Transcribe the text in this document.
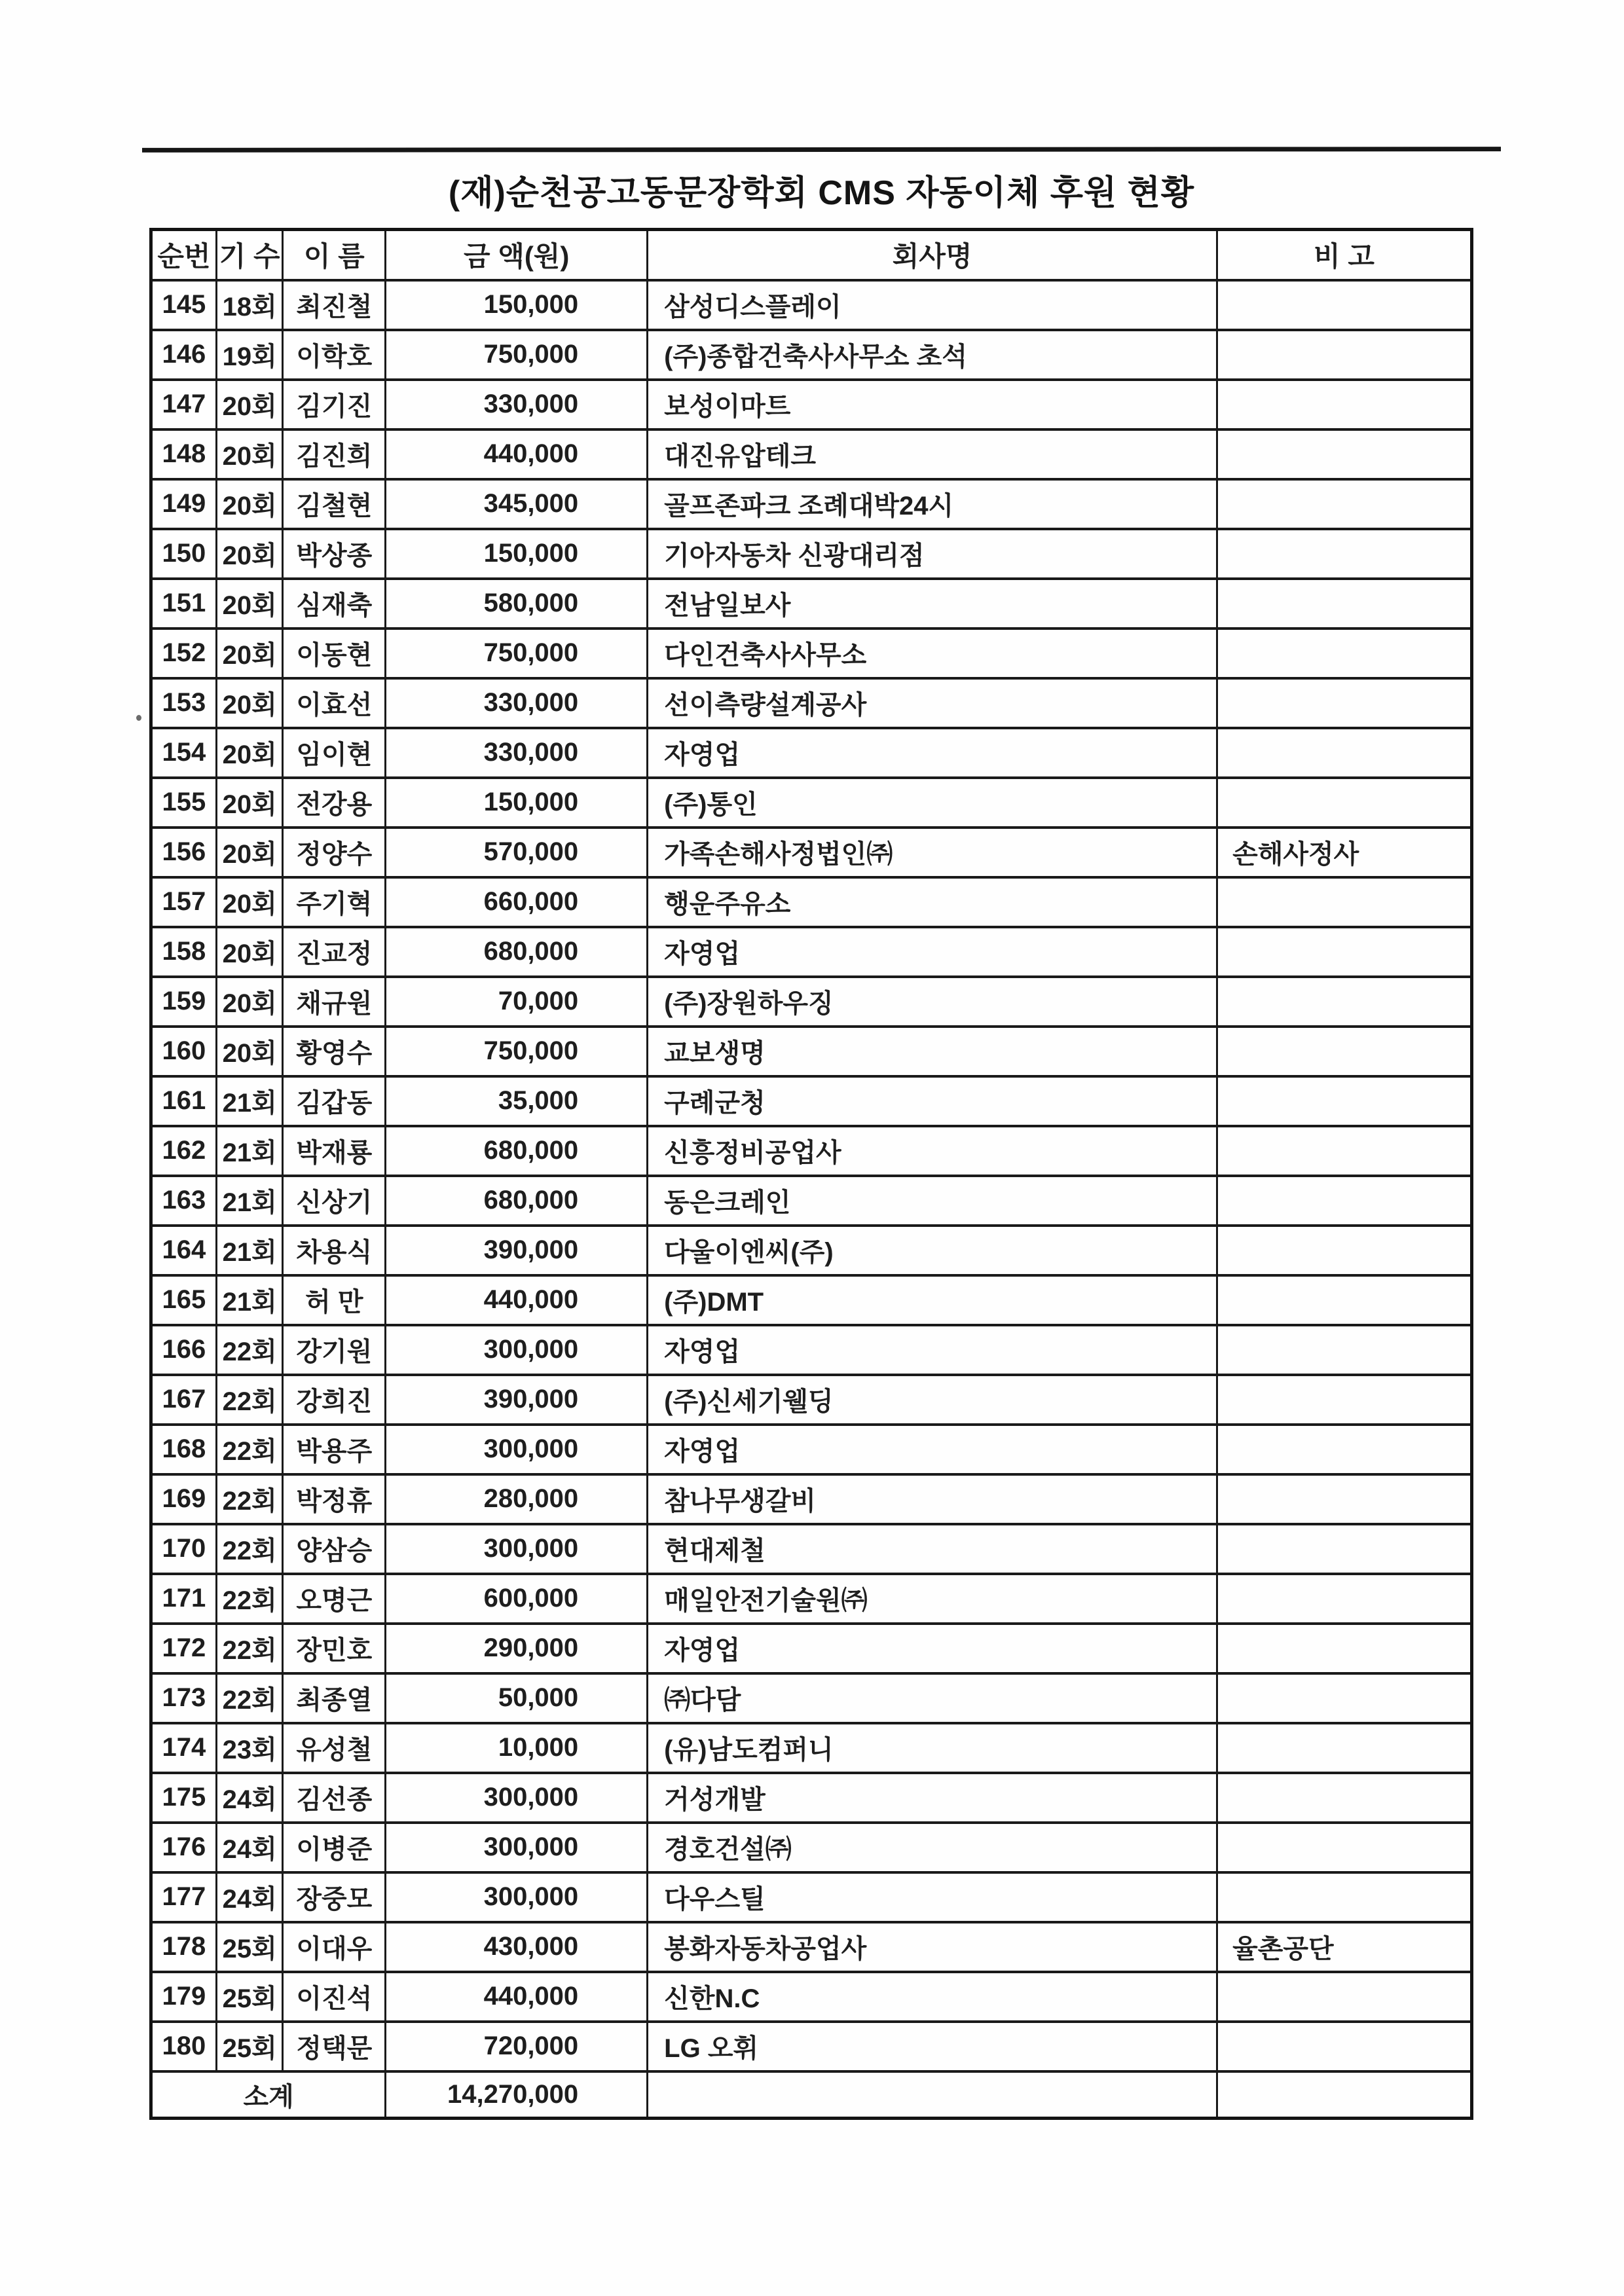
(재)순천공고동문장학회 CMS 자동이체 후원 현황
순번	기 수	이 름	금 액(원)	회사명	비 고
145	18회	최진철	150,000	삼성디스플레이	
146	19회	이학호	750,000	(주)종합건축사사무소 초석	
147	20회	김기진	330,000	보성이마트	
148	20회	김진희	440,000	대진유압테크	
149	20회	김철현	345,000	골프존파크 조례대박24시	
150	20회	박상종	150,000	기아자동차 신광대리점	
151	20회	심재축	580,000	전남일보사	
152	20회	이동현	750,000	다인건축사사무소	
153	20회	이효선	330,000	선이측량설계공사	
154	20회	임이현	330,000	자영업	
155	20회	전강용	150,000	(주)통인	
156	20회	정양수	570,000	가족손해사정법인㈜	손해사정사
157	20회	주기혁	660,000	행운주유소	
158	20회	진교정	680,000	자영업	
159	20회	채규원	70,000	(주)장원하우징	
160	20회	황영수	750,000	교보생명	
161	21회	김갑동	35,000	구례군청	
162	21회	박재룡	680,000	신흥정비공업사	
163	21회	신상기	680,000	동은크레인	
164	21회	차용식	390,000	다울이엔씨(주)	
165	21회	허 만	440,000	(주)DMT	
166	22회	강기원	300,000	자영업	
167	22회	강희진	390,000	(주)신세기웰딩	
168	22회	박용주	300,000	자영업	
169	22회	박정휴	280,000	참나무생갈비	
170	22회	양삼승	300,000	현대제철	
171	22회	오명근	600,000	매일안전기술원㈜	
172	22회	장민호	290,000	자영업	
173	22회	최종열	50,000	㈜다담	
174	23회	유성철	10,000	(유)남도컴퍼니	
175	24회	김선종	300,000	거성개발	
176	24회	이병준	300,000	경호건설㈜	
177	24회	장중모	300,000	다우스틸	
178	25회	이대우	430,000	봉화자동차공업사	율촌공단
179	25회	이진석	440,000	신한N.C	
180	25회	정택문	720,000	LG 오휘	
소계			14,270,000		
